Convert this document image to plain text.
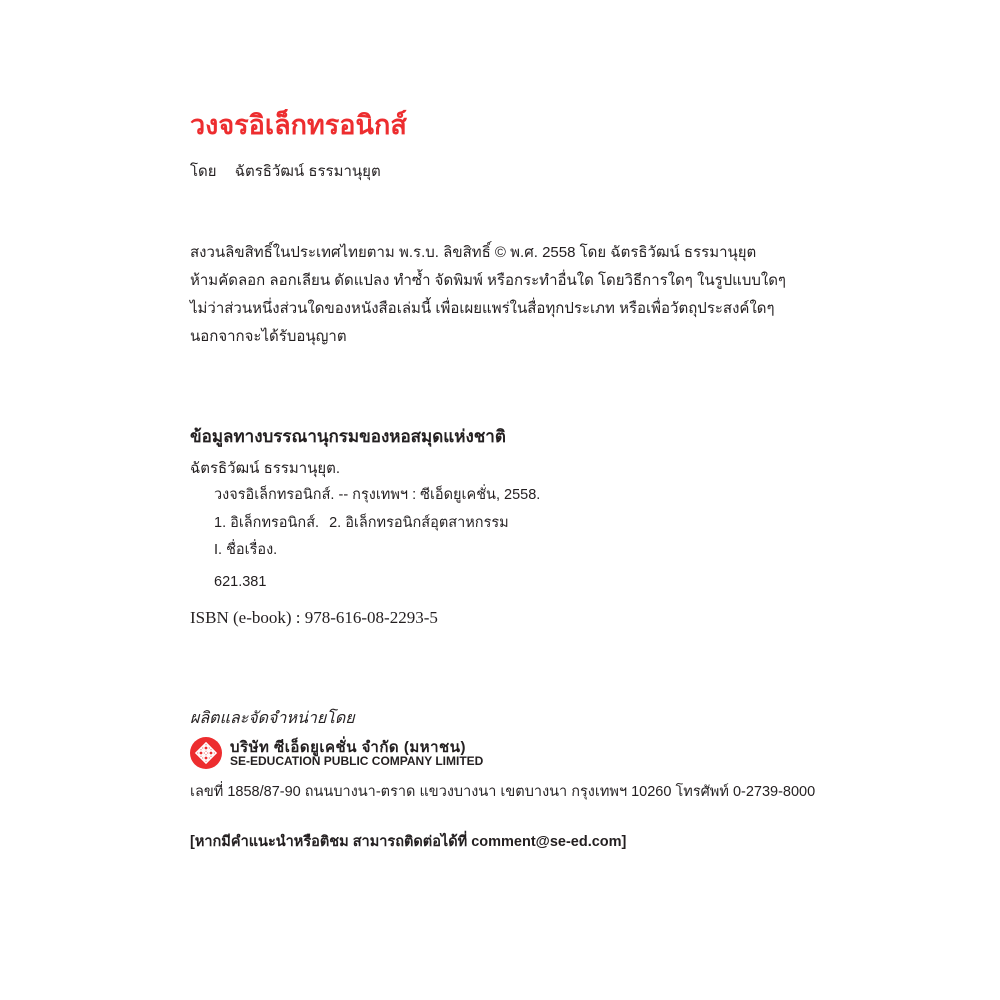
วงจรอิเล็กทรอนิกส์
โดย ฉัตรธิวัฒน์ ธรรมานุยุต
สงวนลิขสิทธิ์ในประเทศไทยตาม พ.ร.บ. ลิขสิทธิ์ © พ.ศ. 2558 โดย ฉัตรธิวัฒน์ ธรรมานุยุต
ห้ามคัดลอก ลอกเลียน ดัดแปลง ทำซ้ำ จัดพิมพ์ หรือกระทำอื่นใด โดยวิธีการใดๆ ในรูปแบบใดๆ
ไม่ว่าส่วนหนึ่งส่วนใดของหนังสือเล่มนี้ เพื่อเผยแพร่ในสื่อทุกประเภท หรือเพื่อวัตถุประสงค์ใดๆ
นอกจากจะได้รับอนุญาต
ข้อมูลทางบรรณานุกรมของหอสมุดแห่งชาติ
ฉัตรธิวัฒน์ ธรรมานุยุต.
วงจรอิเล็กทรอนิกส์. -- กรุงเทพฯ : ซีเอ็ดยูเคชั่น, 2558.
1. อิเล็กทรอนิกส์. 2. อิเล็กทรอนิกส์อุตสาหกรรม
I. ชื่อเรื่อง.
621.381
ISBN (e-book) : 978-616-08-2293-5
ผลิตและจัดจำหน่ายโดย
บริษัท ซีเอ็ดยูเคชั่น จำกัด (มหาชน)
SE-EDUCATION PUBLIC COMPANY LIMITED
เลขที่ 1858/87-90 ถนนบางนา-ตราด แขวงบางนา เขตบางนา กรุงเทพฯ 10260 โทรศัพท์ 0-2739-8000
[หากมีคำแนะนำหรือติชม สามารถติดต่อได้ที่ comment@se-ed.com]
